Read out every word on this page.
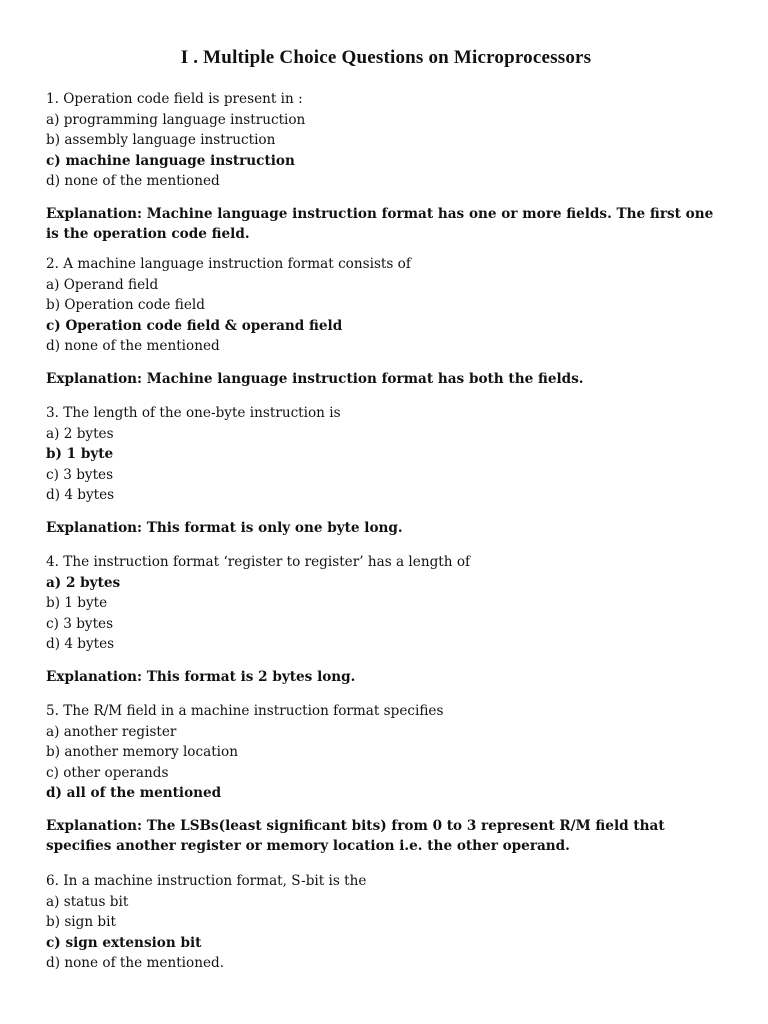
I . Multiple Choice Questions on Microprocessors
1. Operation code field is present in :
a) programming language instruction
b) assembly language instruction
c) machine language instruction
d) none of the mentioned
Explanation: Machine language instruction format has one or more fields. The first one is the operation code field.
2. A machine language instruction format consists of
a) Operand field
b) Operation code field
c) Operation code field & operand field
d) none of the mentioned
Explanation: Machine language instruction format has both the fields.
3. The length of the one-byte instruction is
a) 2 bytes
b) 1 byte
c) 3 bytes
d) 4 bytes
Explanation: This format is only one byte long.
4. The instruction format ‘register to register’ has a length of
a) 2 bytes
b) 1 byte
c) 3 bytes
d) 4 bytes
Explanation: This format is 2 bytes long.
5. The R/M field in a machine instruction format specifies
a) another register
b) another memory location
c) other operands
d) all of the mentioned
Explanation: The LSBs(least significant bits) from 0 to 3 represent R/M field that specifies another register or memory location i.e. the other operand.
6. In a machine instruction format, S-bit is the
a) status bit
b) sign bit
c) sign extension bit
d) none of the mentioned.
